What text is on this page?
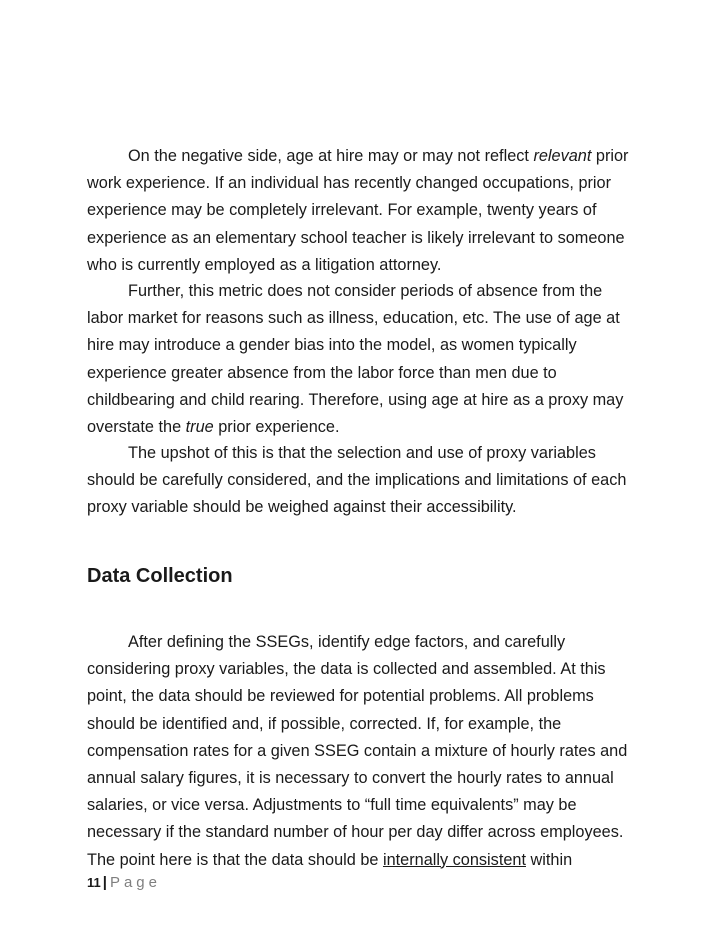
On the negative side, age at hire may or may not reflect relevant prior
work experience. If an individual has recently changed occupations, prior
experience may be completely irrelevant. For example, twenty years of
experience as an elementary school teacher is likely irrelevant to someone
who is currently employed as a litigation attorney.

Further, this metric does not consider periods of absence from the
labor market for reasons such as illness, education, etc. The use of age at
hire may introduce a gender bias into the model, as women typically
experience greater absence from the labor force than men due to
childbearing and child rearing. Therefore, using age at hire as a proxy may
overstate the true prior experience.

The upshot of this is that the selection and use of proxy variables
should be carefully considered, and the implications and limitations of each
proxy variable should be weighed against their accessibility.

Data Collection

After defining the SSEGs, identify edge factors, and carefully
considering proxy variables, the data is collected and assembled. At this
point, the data should be reviewed for potential problems. All problems
should be identified and, if possible, corrected. If, for example, the
compensation rates for a given SSEG contain a mixture of hourly rates and
annual salary figures, it is necessary to convert the hourly rates to annual
salaries, or vice versa. Adjustments to “full time equivalents” may be
necessary if the standard number of hour per day differ across employees.
The point here is that the data should be internally consistent within

11 | Page
